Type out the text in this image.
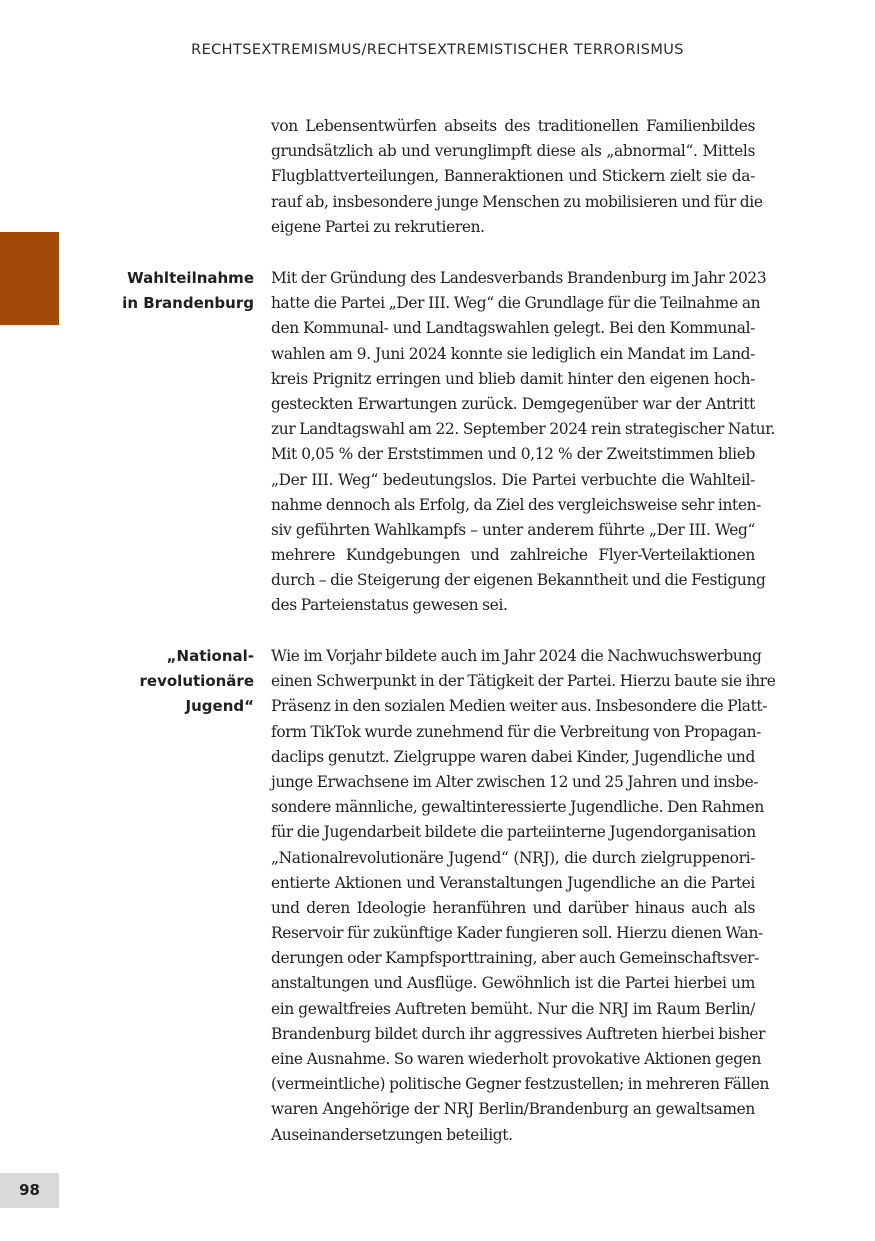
RECHTSEXTREMISMUS/RECHTSEXTREMISTISCHER TERRORISMUS
von Lebensentwürfen abseits des traditionellen Familienbildes
grundsätzlich ab und verunglimpft diese als „abnormal“. Mittels
Flugblattverteilungen, Banneraktionen und Stickern zielt sie da-
rauf ab, insbesondere junge Menschen zu mobilisieren und für die
eigene Partei zu rekrutieren.
Wahlteilnahme
in Brandenburg
Mit der Gründung des Landesverbands Brandenburg im Jahr 2023
hatte die Partei „Der III. Weg“ die Grundlage für die Teilnahme an
den Kommunal- und Landtagswahlen gelegt. Bei den Kommunal-
wahlen am 9. Juni 2024 konnte sie lediglich ein Mandat im Land-
kreis Prignitz erringen und blieb damit hinter den eigenen hoch-
gesteckten Erwartungen zurück. Demgegenüber war der Antritt
zur Landtagswahl am 22. September 2024 rein strategischer Natur.
Mit 0,05 % der Erststimmen und 0,12 % der Zweitstimmen blieb
„Der III. Weg“ bedeutungslos. Die Partei verbuchte die Wahlteil-
nahme dennoch als Erfolg, da Ziel des vergleichsweise sehr inten-
siv geführten Wahlkampfs – unter anderem führte „Der III. Weg“
mehrere Kundgebungen und zahlreiche Flyer-Verteilaktionen
durch – die Steigerung der eigenen Bekanntheit und die Festigung
des Parteienstatus gewesen sei.
„National-
revolutionäre
Jugend“
Wie im Vorjahr bildete auch im Jahr 2024 die Nachwuchswerbung
einen Schwerpunkt in der Tätigkeit der Partei. Hierzu baute sie ihre
Präsenz in den sozialen Medien weiter aus. Insbesondere die Platt-
form TikTok wurde zunehmend für die Verbreitung von Propagan-
daclips genutzt. Zielgruppe waren dabei Kinder, Jugendliche und
junge Erwachsene im Alter zwischen 12 und 25 Jahren und insbe-
sondere männliche, gewaltinteressierte Jugendliche. Den Rahmen
für die Jugendarbeit bildete die parteiinterne Jugendorganisation
„Nationalrevolutionäre Jugend“ (NRJ), die durch zielgruppenori-
entierte Aktionen und Veranstaltungen Jugendliche an die Partei
und deren Ideologie heranführen und darüber hinaus auch als
Reservoir für zukünftige Kader fungieren soll. Hierzu dienen Wan-
derungen oder Kampfsporttraining, aber auch Gemeinschaftsver-
anstaltungen und Ausflüge. Gewöhnlich ist die Partei hierbei um
ein gewaltfreies Auftreten bemüht. Nur die NRJ im Raum Berlin/
Brandenburg bildet durch ihr aggressives Auftreten hierbei bisher
eine Ausnahme. So waren wiederholt provokative Aktionen gegen
(vermeintliche) politische Gegner festzustellen; in mehreren Fällen
waren Angehörige der NRJ Berlin/Brandenburg an gewaltsamen
Auseinandersetzungen beteiligt.
98
